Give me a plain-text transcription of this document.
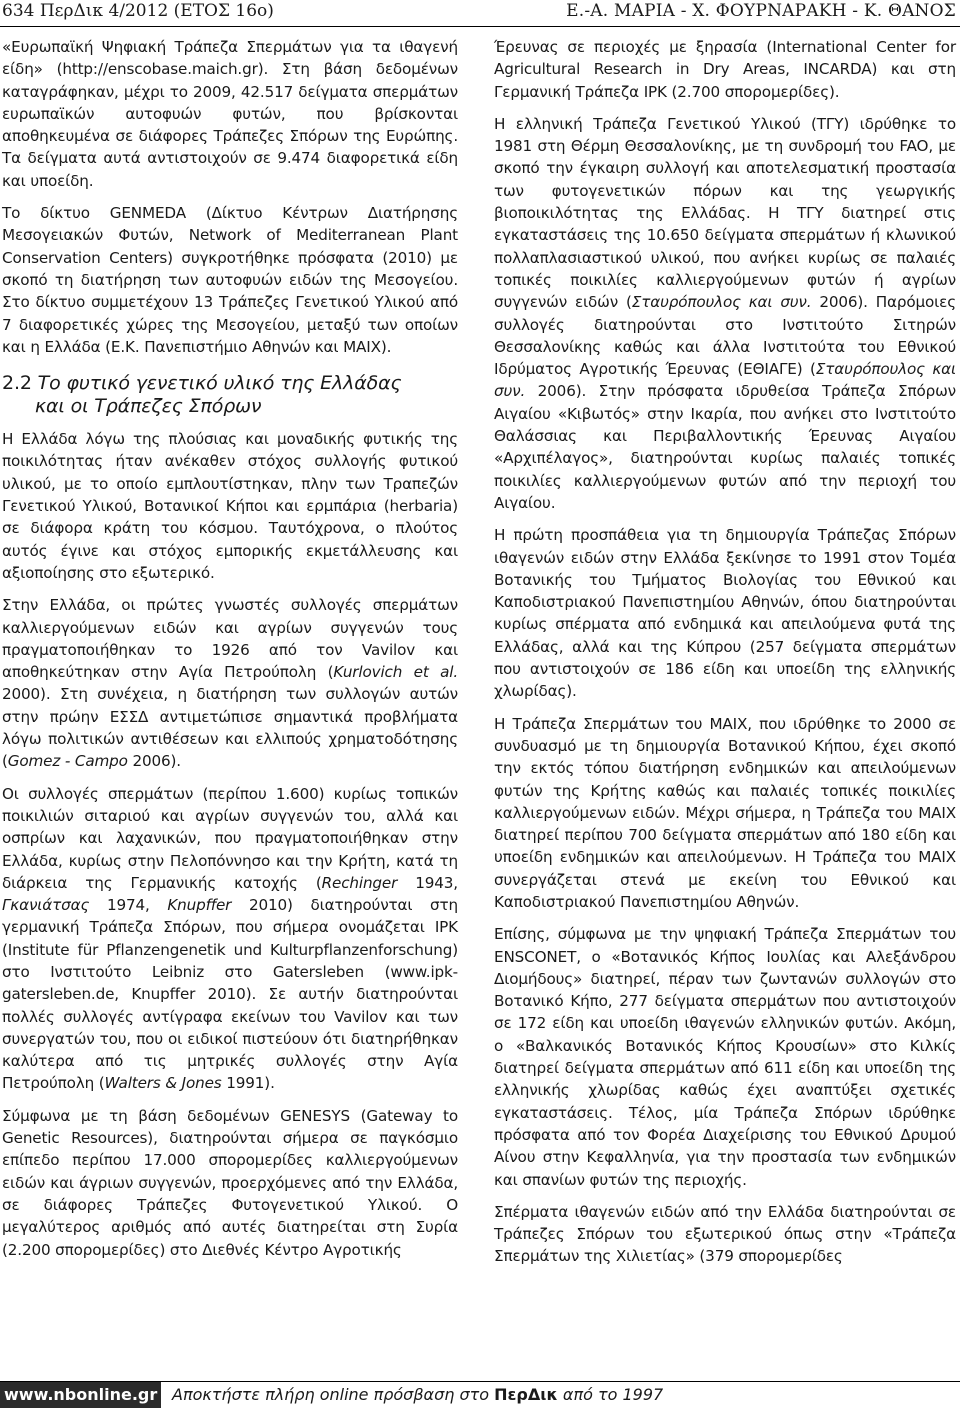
634 ΠερΔικ 4/2012 (ΕΤΟΣ 16ο)	Ε.-Α. ΜΑΡΙΑ - Χ. ΦΟΥΡΝΑΡΑΚΗ - Κ. ΘΑΝΟΣ

«Ευρωπαϊκή Ψηφιακή Τράπεζα Σπερμάτων για τα ιθαγενή είδη» (http://enscobase.maich.gr). Στη βάση δεδομένων καταγράφηκαν, μέχρι το 2009, 42.517 δείγματα σπερμάτων ευρωπαϊκών αυτοφυών φυτών, που βρίσκονται αποθηκευμένα σε διάφορες Τράπεζες Σπόρων της Ευρώπης. Τα δείγματα αυτά αντιστοιχούν σε 9.474 διαφορετικά είδη και υποείδη.

Το δίκτυο GENMEDA (Δίκτυο Κέντρων Διατήρησης Μεσογειακών Φυτών, Network of Mediterranean Plant Conservation Centers) συγκροτήθηκε πρόσφατα (2010) με σκοπό τη διατήρηση των αυτοφυών ειδών της Μεσογείου. Στο δίκτυο συμμετέχουν 13 Τράπεζες Γενετικού Υλικού από 7 διαφορετικές χώρες της Μεσογείου, μεταξύ των οποίων και η Ελλάδα (Ε.Κ. Πανεπιστήμιο Αθηνών και ΜΑΙΧ).

2.2 Το φυτικό γενετικό υλικό της Ελλάδας
και οι Τράπεζες Σπόρων

Η Ελλάδα λόγω της πλούσιας και μοναδικής φυτικής της ποικιλότητας ήταν ανέκαθεν στόχος συλλογής φυτικού υλικού, με το οποίο εμπλουτίστηκαν, πλην των Τραπεζών Γενετικού Υλικού, Βοτανικοί Κήποι και ερμπάρια (herbaria) σε διάφορα κράτη του κόσμου. Ταυτόχρονα, ο πλούτος αυτός έγινε και στόχος εμπορικής εκμετάλλευσης και αξιοποίησης στο εξωτερικό.

Στην Ελλάδα, οι πρώτες γνωστές συλλογές σπερμάτων καλλιεργούμενων ειδών και αγρίων συγγενών τους πραγματοποιήθηκαν το 1926 από τον Vavilov και αποθηκεύτηκαν στην Αγία Πετρούπολη (Kurlovich et al. 2000). Στη συνέχεια, η διατήρηση των συλλογών αυτών στην πρώην ΕΣΣΔ αντιμετώπισε σημαντικά προβλήματα λόγω πολιτικών αντιθέσεων και ελλιπούς χρηματοδότησης (Gomez - Campo 2006).

Οι συλλογές σπερμάτων (περίπου 1.600) κυρίως τοπικών ποικιλιών σιταριού και αγρίων συγγενών του, αλλά και οσπρίων και λαχανικών, που πραγματοποιήθηκαν στην Ελλάδα, κυρίως στην Πελοπόννησο και την Κρήτη, κατά τη διάρκεια της Γερμανικής κατοχής (Rechinger 1943, Γκανιάτσας 1974, Knupffer 2010) διατηρούνται στη γερμανική Τράπεζα Σπόρων, που σήμερα ονομάζεται IPK (Institute für Pflanzengenetik und Kulturpflanzenforschung) στο Ινστιτούτο Leibniz στο Gatersleben (www.ipk-gatersleben.de, Knupffer 2010). Σε αυτήν διατηρούνται πολλές συλλογές αντίγραφα εκείνων του Vavilov και των συνεργατών του, που οι ειδικοί πιστεύουν ότι διατηρήθηκαν καλύτερα από τις μητρικές συλλογές στην Αγία Πετρούπολη (Walters & Jones 1991).

Σύμφωνα με τη βάση δεδομένων GENESYS (Gateway to Genetic Resources), διατηρούνται σήμερα σε παγκόσμιο επίπεδο περίπου 17.000 σπορομερίδες καλλιεργούμενων ειδών και άγριων συγγενών, προερχόμενες από την Ελλάδα, σε διάφορες Τράπεζες Φυτογενετικού Υλικού. Ο μεγαλύτερος αριθμός από αυτές διατηρείται στη Συρία (2.200 σπορομερίδες) στο Διεθνές Κέντρο Αγροτικής

Έρευνας σε περιοχές με ξηρασία (International Center for Agricultural Research in Dry Areas, INCARDA) και στη Γερμανική Τράπεζα IPK (2.700 σπορομερίδες).

Η ελληνική Τράπεζα Γενετικού Υλικού (ΤΓΥ) ιδρύθηκε το 1981 στη Θέρμη Θεσσαλονίκης, με τη συνδρομή του FAO, με σκοπό την έγκαιρη συλλογή και αποτελεσματική προστασία των φυτογενετικών πόρων και της γεωργικής βιοποικιλότητας της Ελλάδας. Η ΤΓΥ διατηρεί στις εγκαταστάσεις της 10.650 δείγματα σπερμάτων ή κλωνικού πολλαπλασιαστικού υλικού, που ανήκει κυρίως σε παλαιές τοπικές ποικιλίες καλλιεργούμενων φυτών ή αγρίων συγγενών ειδών (Σταυρόπουλος και συν. 2006). Παρόμοιες συλλογές διατηρούνται στο Ινστιτούτο Σιτηρών Θεσσαλονίκης καθώς και άλλα Ινστιτούτα του Εθνικού Ιδρύματος Αγροτικής Έρευνας (ΕΘΙΑΓΕ) (Σταυρόπουλος και συν. 2006). Στην πρόσφατα ιδρυθείσα Τράπεζα Σπόρων Αιγαίου «Κιβωτός» στην Ικαρία, που ανήκει στο Ινστιτούτο Θαλάσσιας και Περιβαλλοντικής Έρευνας Αιγαίου «Αρχιπέλαγος», διατηρούνται κυρίως παλαιές τοπικές ποικιλίες καλλιεργούμενων φυτών από την περιοχή του Αιγαίου.

Η πρώτη προσπάθεια για τη δημιουργία Τράπεζας Σπόρων ιθαγενών ειδών στην Ελλάδα ξεκίνησε το 1991 στον Τομέα Βοτανικής του Τμήματος Βιολογίας του Εθνικού και Καποδιστριακού Πανεπιστημίου Αθηνών, όπου διατηρούνται κυρίως σπέρματα από ενδημικά και απειλούμενα φυτά της Ελλάδας, αλλά και της Κύπρου (257 δείγματα σπερμάτων που αντιστοιχούν σε 186 είδη και υποείδη της ελληνικής χλωρίδας).

Η Τράπεζα Σπερμάτων του ΜΑΙΧ, που ιδρύθηκε το 2000 σε συνδυασμό με τη δημιουργία Βοτανικού Κήπου, έχει σκοπό την εκτός τόπου διατήρηση ενδημικών και απειλούμενων φυτών της Κρήτης καθώς και παλαιές τοπικές ποικιλίες καλλιεργούμενων ειδών. Μέχρι σήμερα, η Τράπεζα του ΜΑΙΧ διατηρεί περίπου 700 δείγματα σπερμάτων από 180 είδη και υποείδη ενδημικών και απειλούμενων. Η Τράπεζα του ΜΑΙΧ συνεργάζεται στενά με εκείνη του Εθνικού και Καποδιστριακού Πανεπιστημίου Αθηνών.

Επίσης, σύμφωνα με την ψηφιακή Τράπεζα Σπερμάτων του ENSCONET, ο «Βοτανικός Κήπος Ιουλίας και Αλεξάνδρου Διομήδους» διατηρεί, πέραν των ζωντανών συλλογών στο Βοτανικό Κήπο, 277 δείγματα σπερμάτων που αντιστοιχούν σε 172 είδη και υποείδη ιθαγενών ελληνικών φυτών. Ακόμη, ο «Βαλκανικός Βοτανικός Κήπος Κρουσίων» στο Κιλκίς διατηρεί δείγματα σπερμάτων από 611 είδη και υποείδη της ελληνικής χλωρίδας καθώς έχει αναπτύξει σχετικές εγκαταστάσεις. Τέλος, μία Τράπεζα Σπόρων ιδρύθηκε πρόσφατα από τον Φορέα Διαχείρισης του Εθνικού Δρυμού Αίνου στην Κεφαλληνία, για την προστασία των ενδημικών και σπανίων φυτών της περιοχής.

Σπέρματα ιθαγενών ειδών από την Ελλάδα διατηρούνται σε Τράπεζες Σπόρων του εξωτερικού όπως στην «Τράπεζα Σπερμάτων της Χιλιετίας» (379 σπορομερίδες

www.nbonline.gr Αποκτήστε πλήρη online πρόσβαση στο ΠερΔικ από το 1997
